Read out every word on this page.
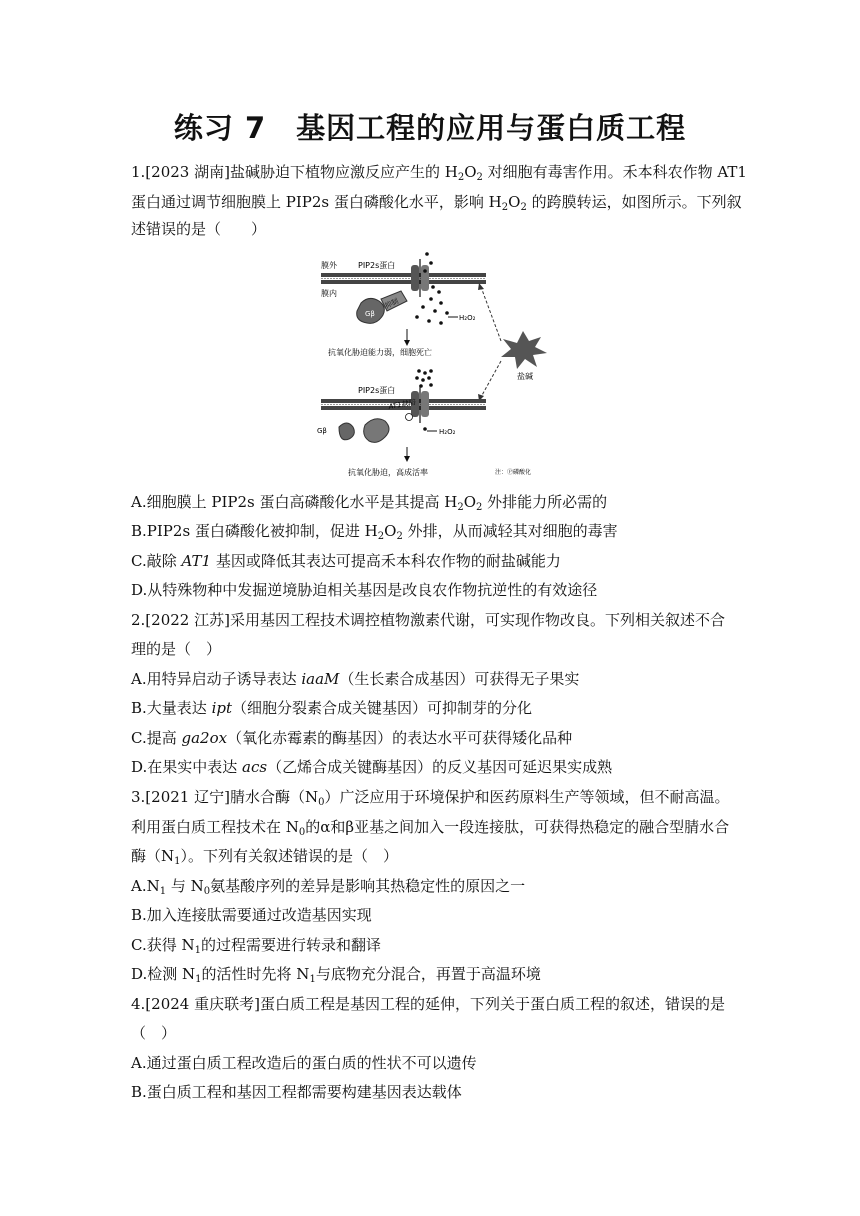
练习 7　基因工程的应用与蛋白质工程
1.[2023 湖南]盐碱胁迫下植物应激反应产生的 $H_2O_2$ 对细胞有毒害作用。禾本科农作物 AT1
蛋白通过调节细胞膜上 PIP2s 蛋白磷酸化水平，影响 $H_2O_2$ 的跨膜转运，如图所示。下列叙
述错误的是（　　）
膜外
膜内
PIP2s蛋白
Gβ
抑制
H₂O₂
抗氧化胁迫能力弱，细胞死亡
盐碱
PIP2s蛋白
AT1缺陷
Gβ	H₂O₂
抗氧化胁迫，高成活率	注：Ⓟ磷酸化
A.细胞膜上 PIP2s 蛋白高磷酸化水平是其提高 $H_2O_2$ 外排能力所必需的
B.PIP2s 蛋白磷酸化被抑制，促进 $H_2O_2$ 外排，从而减轻其对细胞的毒害
C.敲除 AT1 基因或降低其表达可提高禾本科农作物的耐盐碱能力
D.从特殊物种中发掘逆境胁迫相关基因是改良农作物抗逆性的有效途径
2.[2022 江苏]采用基因工程技术调控植物激素代谢，可实现作物改良。下列相关叙述不合
理的是（　）
A.用特异启动子诱导表达 iaaM（生长素合成基因）可获得无子果实
B.大量表达 ipt（细胞分裂素合成关键基因）可抑制芽的分化
C.提高 ga2ox（氧化赤霉素的酶基因）的表达水平可获得矮化品种
D.在果实中表达 acs（乙烯合成关键酶基因）的反义基因可延迟果实成熟
3.[2021 辽宁]腈水合酶$(N_0)$广泛应用于环境保护和医药原料生产等领域，但不耐高温。
利用蛋白质工程技术在 $N_0$的α和β亚基之间加入一段连接肽，可获得热稳定的融合型腈水合
酶$(N_1)$。下列有关叙述错误的是（　）
$A.N_1$ 与 $N_0$氨基酸序列的差异是影响其热稳定性的原因之一
B.加入连接肽需要通过改造基因实现
C.获得 $N_1$的过程需要进行转录和翻译
D.检测 $N_1$的活性时先将 $N_1$与底物充分混合，再置于高温环境
4.[2024 重庆联考]蛋白质工程是基因工程的延伸，下列关于蛋白质工程的叙述，错误的是
（　）
A.通过蛋白质工程改造后的蛋白质的性状不可以遗传
B.蛋白质工程和基因工程都需要构建基因表达载体
